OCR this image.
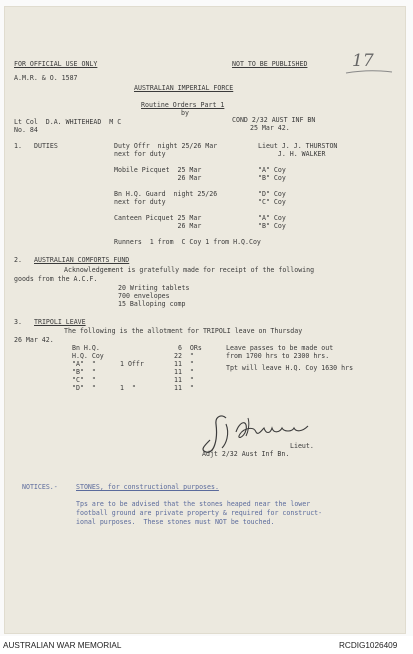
FOR OFFICIAL USE ONLY	NOT TO BE PUBLISHED	17
A.M.R. & O. 1587
AUSTRALIAN IMPERIAL FORCE
Routine Orders Part 1
by
Lt Col  D.A. WHITEHEAD  M C	COND 2/32 AUST INF BN
No. 84	25 Mar 42.
1. DUTIES	Duty Offr  night 25/26 Mar	Lieut J. J. THURSTON
next for duty	J. H. WALKER
Mobile Picquet  25 Mar	"A" Coy
26 Mar	"B" Coy
Bn H.Q. Guard  night 25/26	"D" Coy
next for duty	"C" Coy
Canteen Picquet 25 Mar	"A" Coy
26 Mar	"B" Coy
Runners  1 from  C Coy 1 from H.Q.Coy
2. AUSTRALIAN COMFORTS FUND
Acknowledgement is gratefully made for receipt of the following
goods from the A.C.F.
20 Writing tablets
700 envelopes
15 Balloping comp
3. TRIPOLI LEAVE
The following is the allotment for TRIPOLI leave on Thursday
26 Mar 42.
Bn H.Q.	6  ORs
H.Q. Coy	22  "
"A"  "	1 Offr	11  "
"B"  "	11  "
"C"  "	11  "
"D"  "	1  "	11  "
Leave passes to be made out
from 1700 hrs to 2300 hrs.
Tpt will leave H.Q. Coy 1630 hrs
Lieut.
Adjt 2/32 Aust Inf Bn.
NOTICES.-	STONES, for constructional purposes.
Tps are to be advised that the stones heaped near the lower
football ground are private property & required for construct-
ional purposes.  These stones must NOT be touched.
AUSTRALIAN WAR MEMORIAL	RCDIG1026409
